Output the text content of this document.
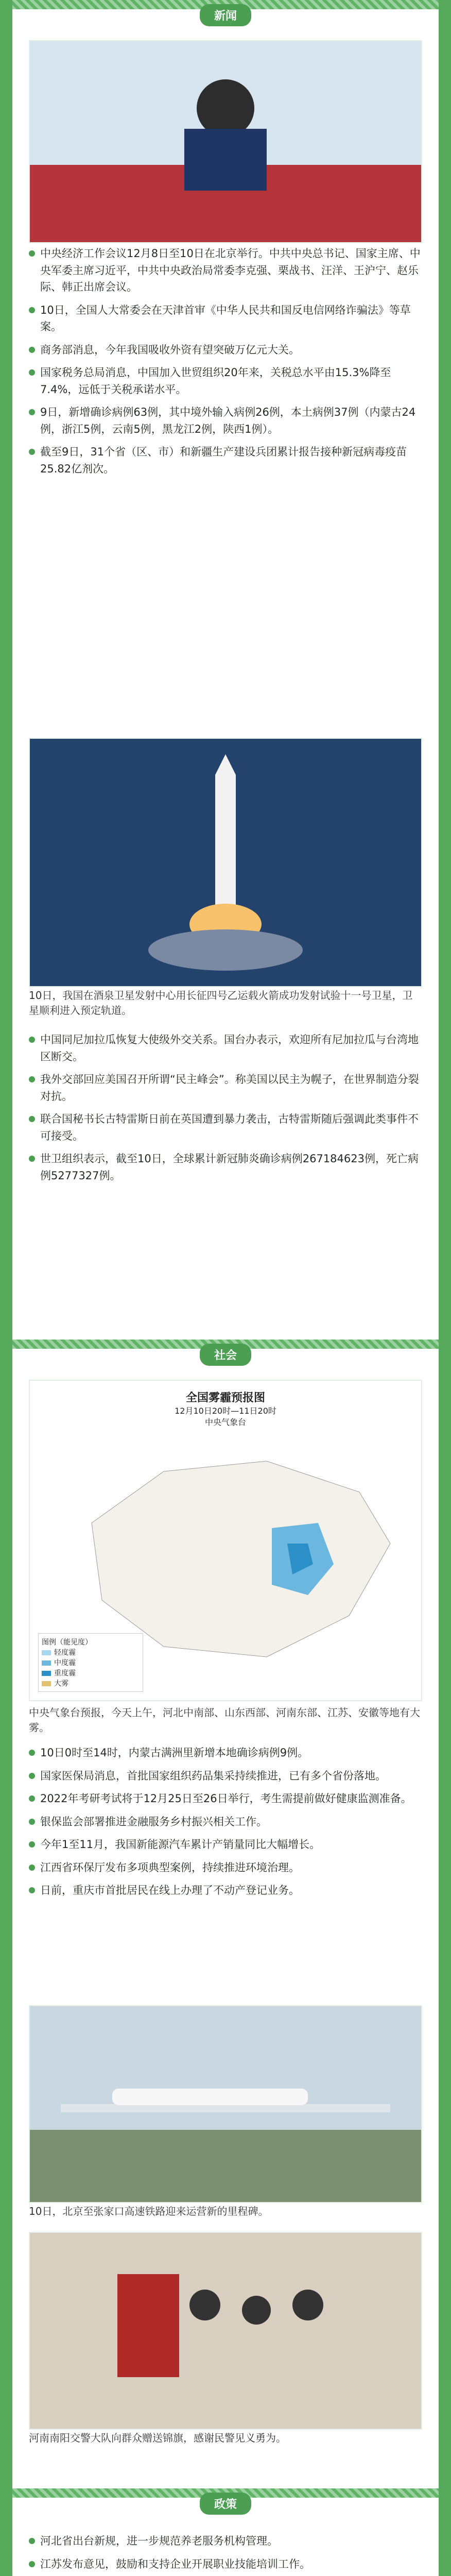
新闻
中央经济工作会议12月8日至10日在北京举行。中共中央总书记、国家主席、中央军委主席习近平，中共中央政治局常委李克强、栗战书、汪洋、王沪宁、赵乐际、韩正出席会议。
10日，全国人大常委会在天津首审《中华人民共和国反电信网络诈骗法》等草案。
商务部消息，今年我国吸收外资有望突破万亿元大关。
国家税务总局消息，中国加入世贸组织20年来，关税总水平由15.3%降至7.4%，远低于关税承诺水平。
9日，新增确诊病例63例，其中境外输入病例26例，本土病例37例（内蒙古24例，浙江5例，云南5例，黑龙江2例，陕西1例）。
截至9日，31个省（区、市）和新疆生产建设兵团累计报告接种新冠病毒疫苗25.82亿剂次。
10日，我国在酒泉卫星发射中心用长征四号乙运载火箭成功发射试验十一号卫星，卫星顺利进入预定轨道。
中国同尼加拉瓜恢复大使级外交关系。国台办表示，欢迎所有尼加拉瓜与台湾地区断交。
我外交部回应美国召开所谓“民主峰会”。称美国以民主为幌子，在世界制造分裂对抗。
联合国秘书长古特雷斯日前在英国遭到暴力袭击，古特雷斯随后强调此类事件不可接受。
世卫组织表示，截至10日，全球累计新冠肺炎确诊病例267184623例，死亡病例5277327例。
社会
全国雾霾预报图
12月10日20时—11日20时
中央气象台
图例（能见度）
轻度霾
中度霾
重度霾
大雾
中央气象台预报，今天上午，河北中南部、山东西部、河南东部、江苏、安徽等地有大雾。
10日0时至14时，内蒙古满洲里新增本地确诊病例9例。
国家医保局消息，首批国家组织药品集采持续推进，已有多个省份落地。
2022年考研考试将于12月25日至26日举行，考生需提前做好健康监测准备。
银保监会部署推进金融服务乡村振兴相关工作。
今年1至11月，我国新能源汽车累计产销量同比大幅增长。
江西省环保厅发布多项典型案例，持续推进环境治理。
日前，重庆市首批居民在线上办理了不动产登记业务。
10日，北京至张家口高速铁路迎来运营新的里程碑。
河南南阳交警大队向群众赠送锦旗，感谢民警见义勇为。
政策
河北省出台新规，进一步规范养老服务机构管理。
江苏发布意见，鼓励和支持企业开展职业技能培训工作。
